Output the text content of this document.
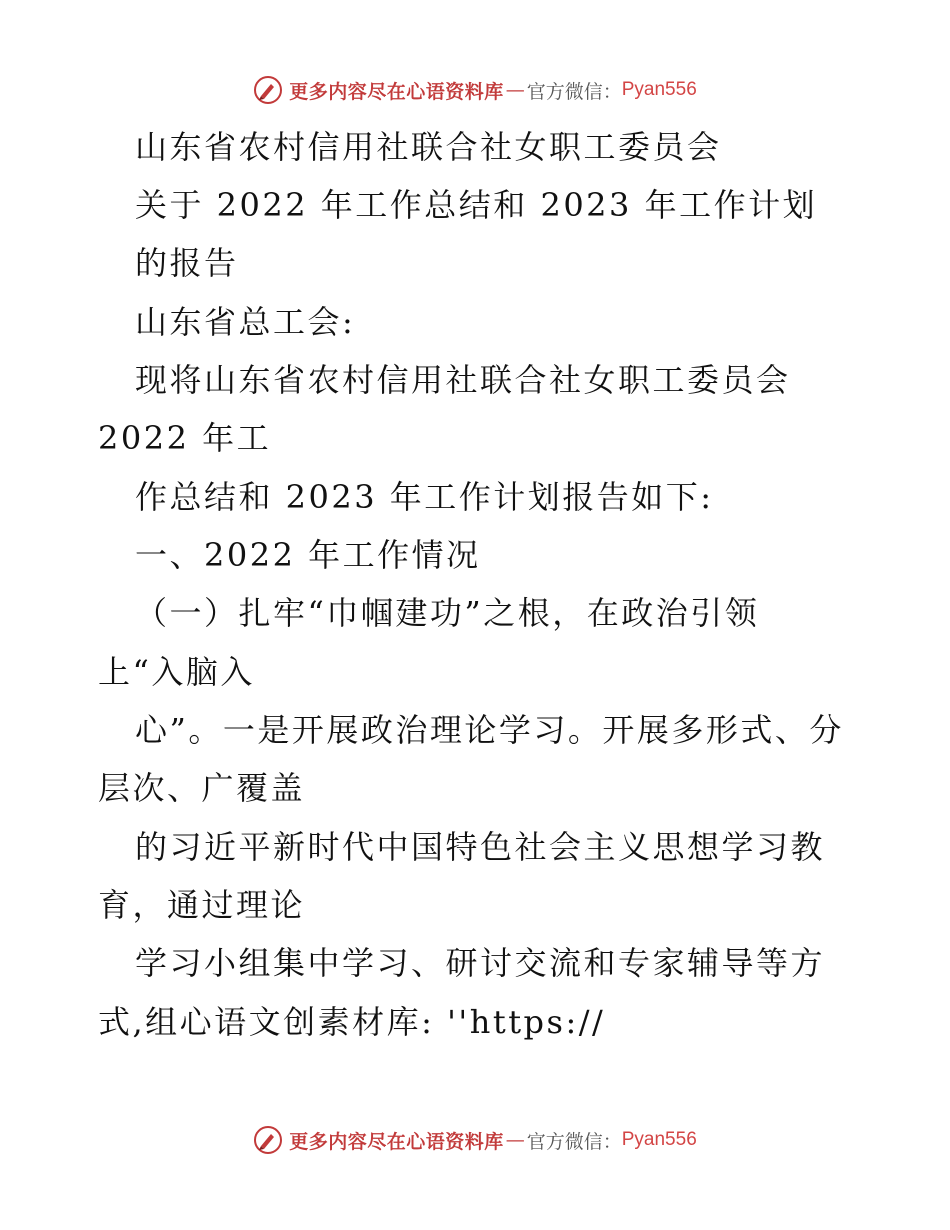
更多内容尽在心语资料库 — 官方微信： Pyan556
山东省农村信用社联合社女职工委员会
关于 2022 年工作总结和 2023 年工作计划
的报告
山东省总工会:
现将山东省农村信用社联合社女职工委员会
2022 年工
作总结和 2023 年工作计划报告如下:
一、2022 年工作情况
（一）扎牢“巾帼建功”之根，在政治引领
上“入脑入
心”。一是开展政治理论学习。开展多形式、分
层次、广覆盖
的习近平新时代中国特色社会主义思想学习教
育，通过理论
学习小组集中学习、研讨交流和专家辅导等方
式,组心语文创素材库: ''https://
更多内容尽在心语资料库 — 官方微信： Pyan556
